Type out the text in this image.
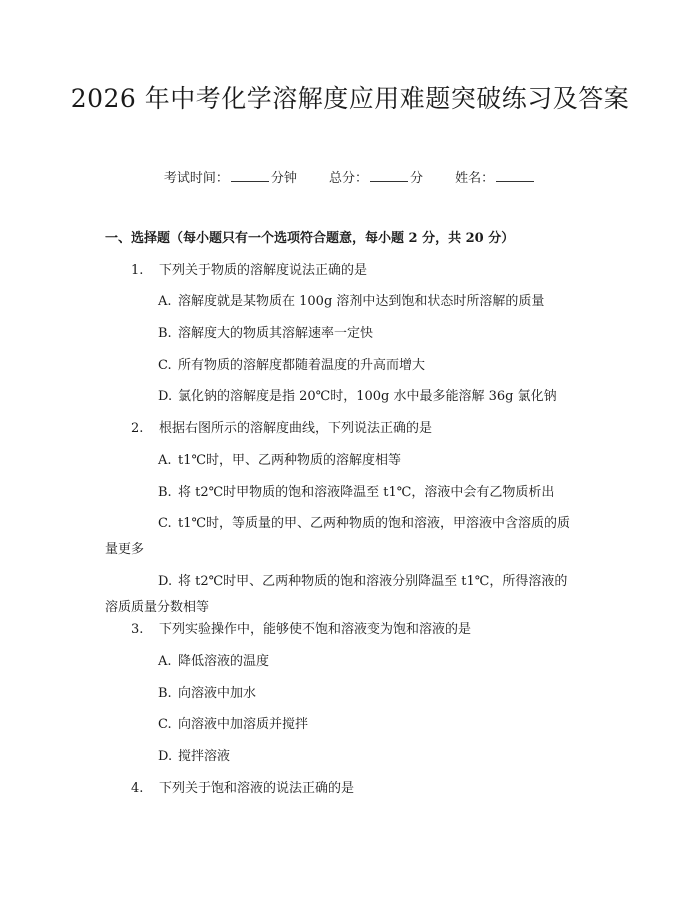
2026 年中考化学溶解度应用难题突破练习及答案
考试时间：	分钟 总分：	分 姓名：
一、选择题（每小题只有一个选项符合题意，每小题 2 分，共 20 分）
1. 下列关于物质的溶解度说法正确的是
A. 溶解度就是某物质在 100g 溶剂中达到饱和状态时所溶解的质量
B. 溶解度大的物质其溶解速率一定快
C. 所有物质的溶解度都随着温度的升高而增大
D. 氯化钠的溶解度是指 20℃时，100g 水中最多能溶解 36g 氯化钠
2. 根据右图所示的溶解度曲线，下列说法正确的是
A. t1℃时，甲、乙两种物质的溶解度相等
B. 将 t2℃时甲物质的饱和溶液降温至 t1℃，溶液中会有乙物质析出
C. t1℃时，等质量的甲、乙两种物质的饱和溶液，甲溶液中含溶质的质量更多
D. 将 t2℃时甲、乙两种物质的饱和溶液分别降温至 t1℃，所得溶液的溶质质量分数相等
3. 下列实验操作中，能够使不饱和溶液变为饱和溶液的是
A. 降低溶液的温度
B. 向溶液中加水
C. 向溶液中加溶质并搅拌
D. 搅拌溶液
4. 下列关于饱和溶液的说法正确的是
